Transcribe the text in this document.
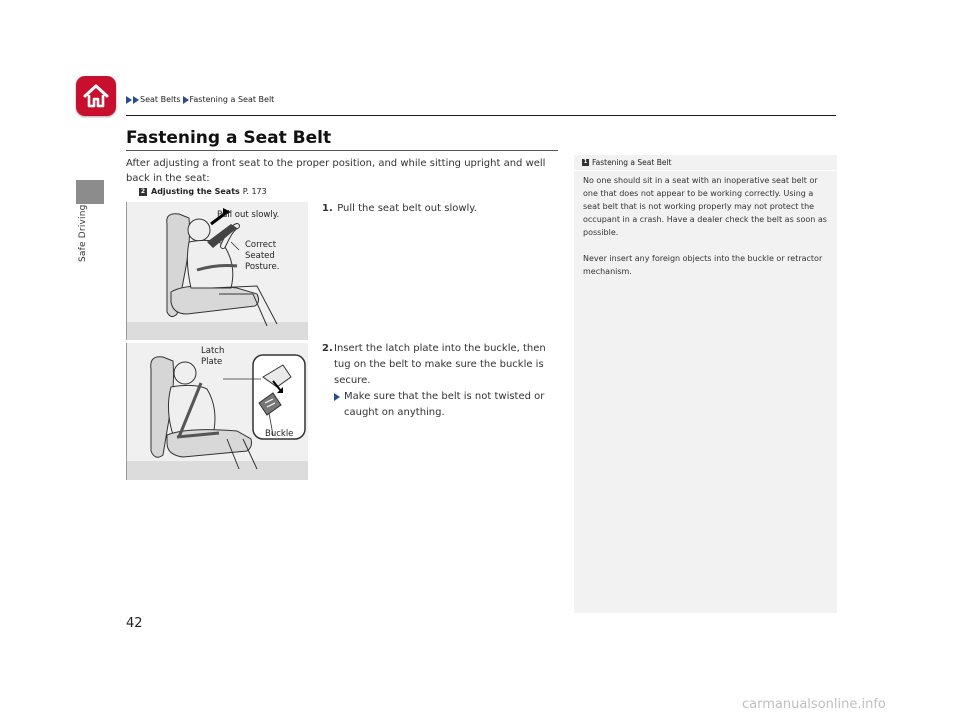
Safe Driving
Seat Belts Fastening a Seat Belt
Fastening a Seat Belt
After adjusting a front seat to the proper position, and while sitting upright and well back in the seat:
2 Adjusting the Seats P. 173
Pull out slowly.
Correct
Seated
Posture.
Latch
Plate
Buckle
1. Pull the seat belt out slowly.
2.Insert the latch plate into the buckle, then tug on the belt to make sure the buckle is secure.
Make sure that the belt is not twisted or caught on anything.
1 Fastening a Seat Belt

No one should sit in a seat with an inoperative seat belt or one that does not appear to be working correctly. Using a seat belt that is not working properly may not protect the occupant in a crash. Have a dealer check the belt as soon as possible.

Never insert any foreign objects into the buckle or retractor mechanism.

42
carmanualsonline.info
